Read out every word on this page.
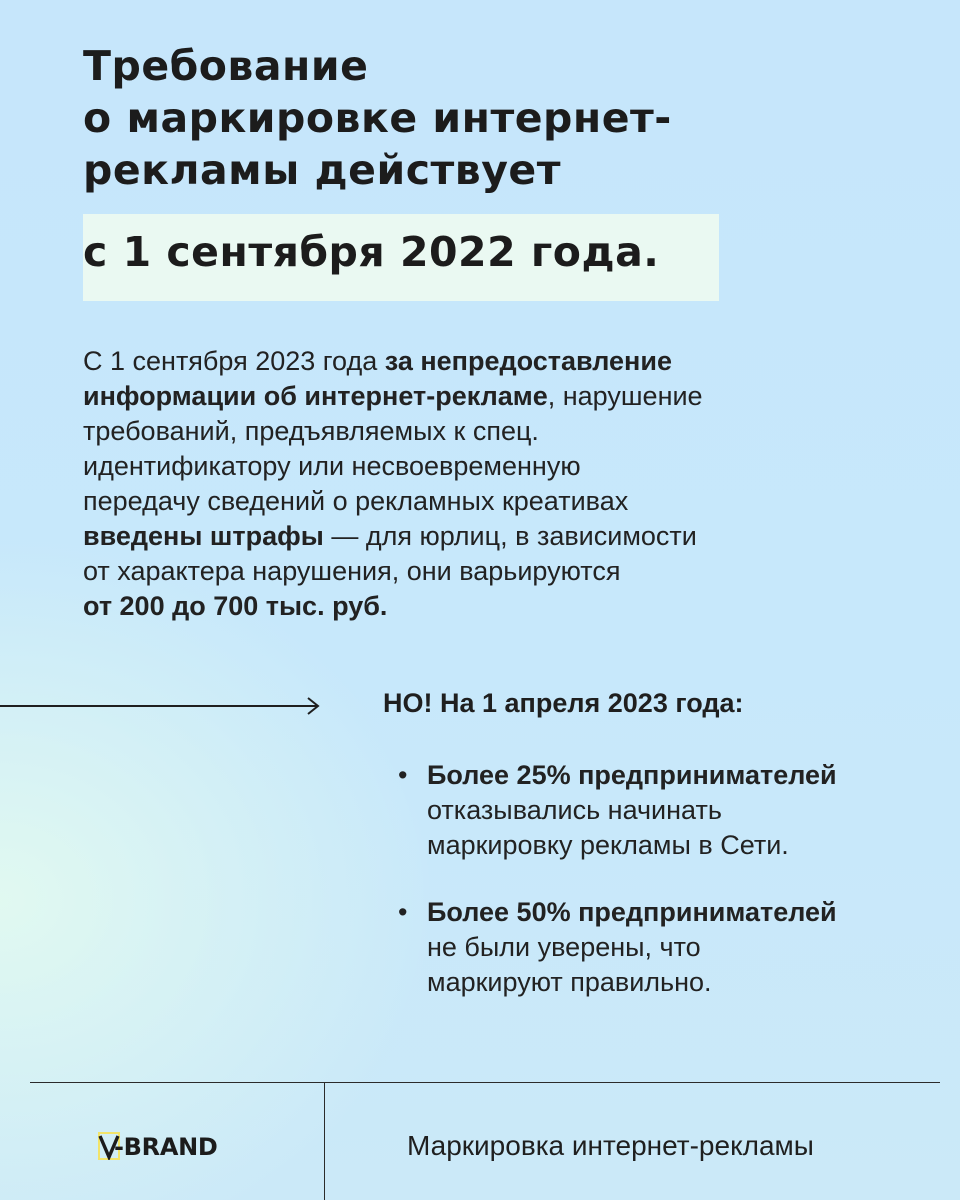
Требование
о маркировке интернет-
рекламы действует
с 1 сентября 2022 года.
С 1 сентября 2023 года за непредоставление
информации об интернет-рекламе, нарушение
требований, предъявляемых к спец.
идентификатору или несвоевременную
передачу сведений о рекламных креативах
введены штрафы — для юрлиц, в зависимости
от характера нарушения, они варьируются
от 200 до 700 тыс. руб.
НО! На 1 апреля 2023 года:
• Более 25% предпринимателей
отказывались начинать
маркировку рекламы в Сети.
• Более 50% предпринимателей
не были уверены, что
маркируют правильно.
-BRAND	Маркировка интернет-рекламы
